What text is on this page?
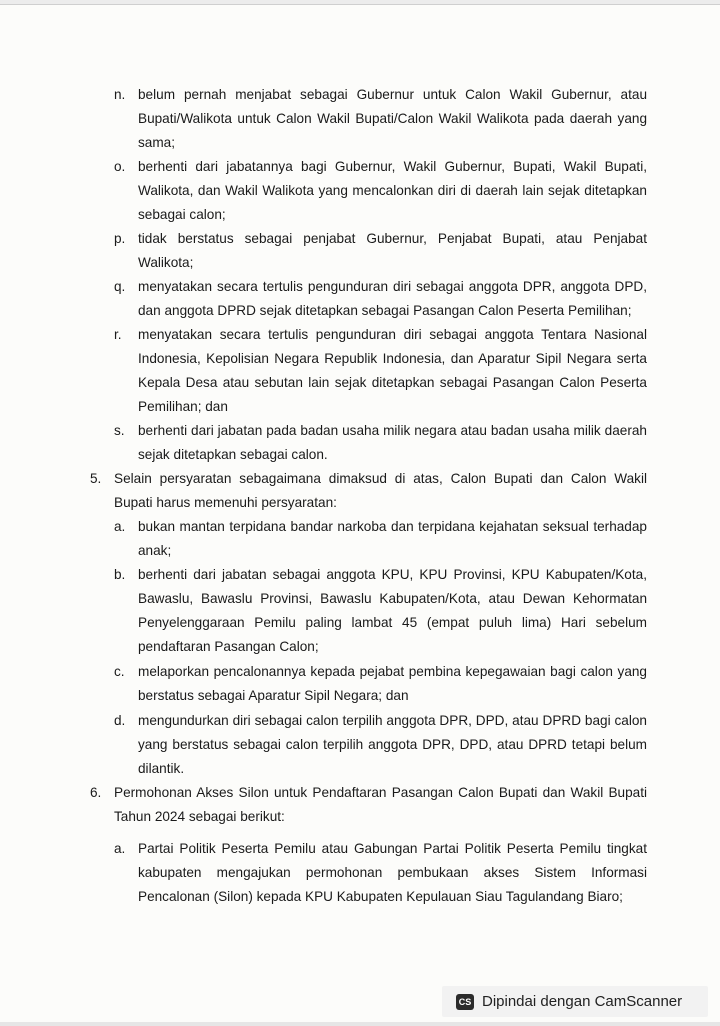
n. belum pernah menjabat sebagai Gubernur untuk Calon Wakil Gubernur, atau Bupati/Walikota untuk Calon Wakil Bupati/Calon Wakil Walikota pada daerah yang sama;
o. berhenti dari jabatannya bagi Gubernur, Wakil Gubernur, Bupati, Wakil Bupati, Walikota, dan Wakil Walikota yang mencalonkan diri di daerah lain sejak ditetapkan sebagai calon;
p. tidak berstatus sebagai penjabat Gubernur, Penjabat Bupati, atau Penjabat Walikota;
q. menyatakan secara tertulis pengunduran diri sebagai anggota DPR, anggota DPD, dan anggota DPRD sejak ditetapkan sebagai Pasangan Calon Peserta Pemilihan;
r. menyatakan secara tertulis pengunduran diri sebagai anggota Tentara Nasional Indonesia, Kepolisian Negara Republik Indonesia, dan Aparatur Sipil Negara serta Kepala Desa atau sebutan lain sejak ditetapkan sebagai Pasangan Calon Peserta Pemilihan; dan
s. berhenti dari jabatan pada badan usaha milik negara atau badan usaha milik daerah sejak ditetapkan sebagai calon.
5. Selain persyaratan sebagaimana dimaksud di atas, Calon Bupati dan Calon Wakil Bupati harus memenuhi persyaratan:
a. bukan mantan terpidana bandar narkoba dan terpidana kejahatan seksual terhadap anak;
b. berhenti dari jabatan sebagai anggota KPU, KPU Provinsi, KPU Kabupaten/Kota, Bawaslu, Bawaslu Provinsi, Bawaslu Kabupaten/Kota, atau Dewan Kehormatan Penyelenggaraan Pemilu paling lambat 45 (empat puluh lima) Hari sebelum pendaftaran Pasangan Calon;
c. melaporkan pencalonannya kepada pejabat pembina kepegawaian bagi calon yang berstatus sebagai Aparatur Sipil Negara; dan
d. mengundurkan diri sebagai calon terpilih anggota DPR, DPD, atau DPRD bagi calon yang berstatus sebagai calon terpilih anggota DPR, DPD, atau DPRD tetapi belum dilantik.
6. Permohonan Akses Silon untuk Pendaftaran Pasangan Calon Bupati dan Wakil Bupati Tahun 2024 sebagai berikut:
a. Partai Politik Peserta Pemilu atau Gabungan Partai Politik Peserta Pemilu tingkat kabupaten mengajukan permohonan pembukaan akses Sistem Informasi Pencalonan (Silon) kepada KPU Kabupaten Kepulauan Siau Tagulandang Biaro;
CS Dipindai dengan CamScanner
